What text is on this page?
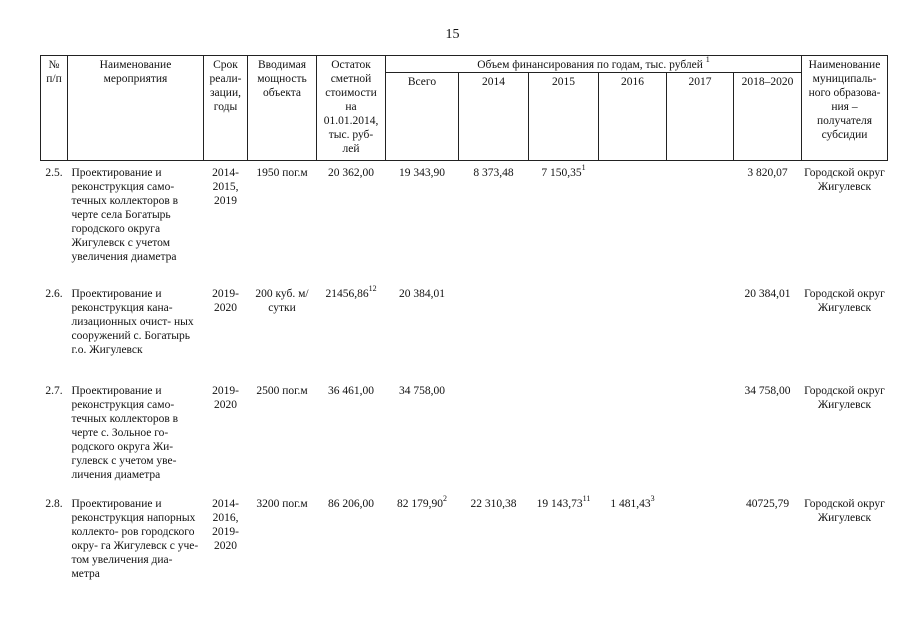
15
№ п/п	Наименование мероприятия	Срок реали- зации, годы	Вводимая мощность объекта	Остаток сметной стоимости на 01.01.2014, тыс. руб- лей	Объем финансирования по годам, тыс. рублей $^1$						Наименование муниципаль- ного образова- ния – получателя субсидии
					Всего	2014	2015	2016	2017	2018–2020	
2.5.	Проектирование и реконструкция само- течных коллекторов в черте села Богатырь городского округа Жигулевск с учетом увеличения диаметра	2014- 2015, 2019	1950 пог.м	20 362,00	19 343,90	8 373,48	7 150,35$^1$			3 820,07	Городской округ Жигулевск
2.6.	Проектирование и реконструкция кана- лизационных очист- ных сооружений с. Богатырь г.о. Жигулевск	2019- 2020	200 куб. м/ сутки	21456,86$^{12}$	20 384,01					20 384,01	Городской округ Жигулевск
2.7.	Проектирование и реконструкция само- течных коллекторов в черте с. Зольное го- родского округа Жи- гулевск с учетом уве- личения диаметра	2019- 2020	2500 пог.м	36 461,00	34 758,00					34 758,00	Городской округ Жигулевск
2.8.	Проектирование и реконструкция напорных коллекто- ров городского окру- га Жигулевск с уче- том увеличения диа- метра	2014- 2016, 2019- 2020	3200 пог.м	86 206,00	82 179,90$^2$	22 310,38	19 143,73$^{11}$	1 481,43$^3$		40725,79	Городской округ Жигулевск
